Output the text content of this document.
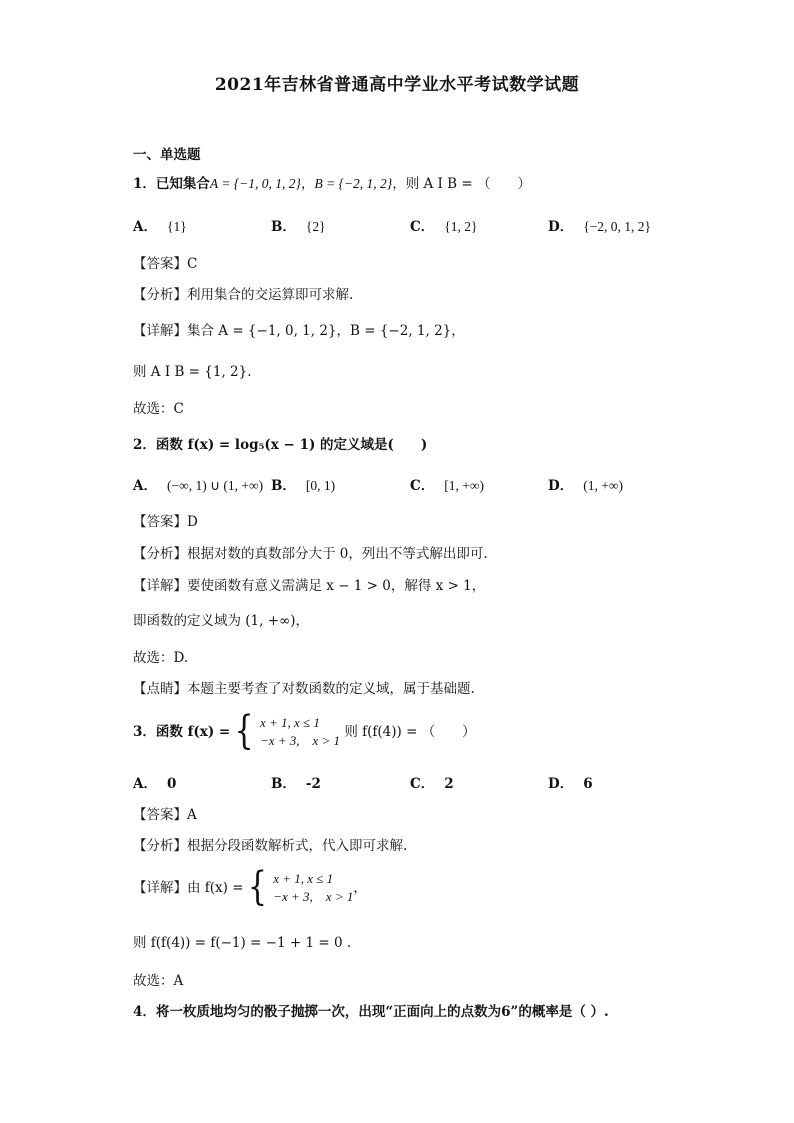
2021年吉林省普通高中学业水平考试数学试题
一、单选题
1．已知集合A = {−1, 0, 1, 2}，B = {−2, 1, 2}，则 A I B = （　　）
A． {1}	B． {2}	C． {1, 2}	D． {−2, 0, 1, 2}
【答案】C
【分析】利用集合的交运算即可求解.
【详解】集合 A = {−1, 0, 1, 2}，B = {−2, 1, 2}，
则 A I B = {1, 2}.
故选：C
2．函数 f(x) = log₅(x − 1) 的定义域是(　　)
A． (−∞, 1) ∪ (1, +∞) B． [0, 1)	C． [1, +∞)	D． (1, +∞)
【答案】D
【分析】根据对数的真数部分大于 0，列出不等式解出即可.
【详解】要使函数有意义需满足 x − 1 > 0，解得 x > 1，
即函数的定义域为 (1, +∞)，
故选：D.
【点睛】本题主要考查了对数函数的定义域，属于基础题.
3．函数 f(x) = { x + 1, x ≤ 1
−x + 3,　x > 1
则 f(f(4)) = （　　）
A． 0	B． -2	C． 2	D． 6
【答案】A
【分析】根据分段函数解析式，代入即可求解.
【详解】由 f(x) = { x + 1, x ≤ 1
−x + 3,　x > 1
，
则 f(f(4)) = f(−1) = −1 + 1 = 0 .
故选：A
4．将一枚质地均匀的骰子抛掷一次，出现“正面向上的点数为6”的概率是（ ）.
